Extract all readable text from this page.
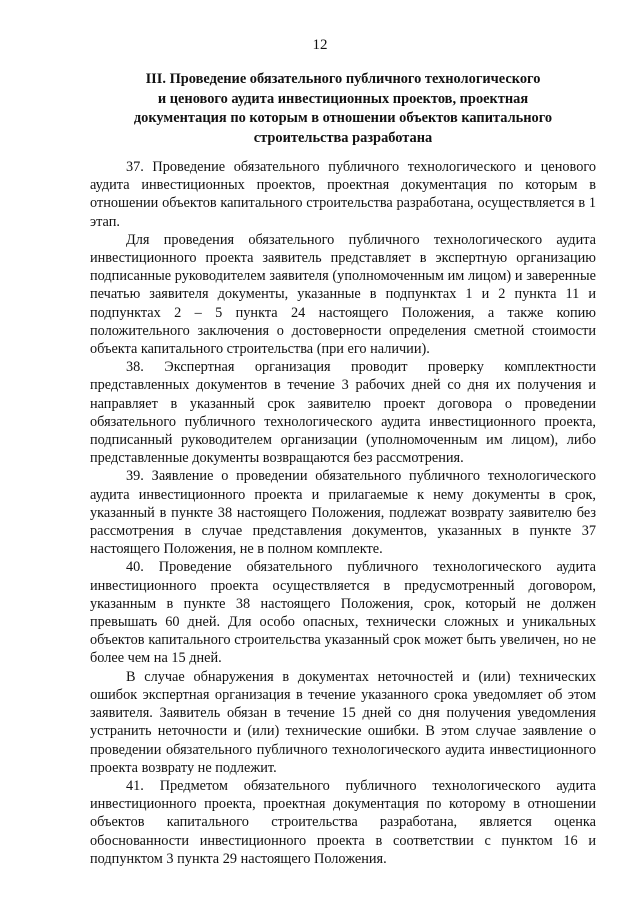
12
III. Проведение обязательного публичного технологического
и ценового аудита инвестиционных проектов, проектная
документация по которым в отношении объектов капитального
строительства разработана

37. Проведение обязательного публичного технологического и ценового аудита инвестиционных проектов, проектная документация по которым в отношении объектов капитального строительства разработана, осуществляется в 1 этап.

Для проведения обязательного публичного технологического аудита инвестиционного проекта заявитель представляет в экспертную организацию подписанные руководителем заявителя (уполномоченным им лицом) и заверенные печатью заявителя документы, указанные в подпунктах 1 и 2 пункта 11 и подпунктах 2 – 5 пункта 24 настоящего Положения, а также копию положительного заключения о достоверности определения сметной стоимости объекта капитального строительства (при его наличии).

38. Экспертная организация проводит проверку комплектности представленных документов в течение 3 рабочих дней со дня их получения и направляет в указанный срок заявителю проект договора о проведении обязательного публичного технологического аудита инвестиционного проекта, подписанный руководителем организации (уполномоченным им лицом), либо представленные документы возвращаются без рассмотрения.

39. Заявление о проведении обязательного публичного технологического аудита инвестиционного проекта и прилагаемые к нему документы в срок, указанный в пункте 38 настоящего Положения, подлежат возврату заявителю без рассмотрения в случае представления документов, указанных в пункте 37 настоящего Положения, не в полном комплекте.

40. Проведение обязательного публичного технологического аудита инвестиционного проекта осуществляется в предусмотренный договором, указанным в пункте 38 настоящего Положения, срок, который не должен превышать 60 дней. Для особо опасных, технически сложных и уникальных объектов капитального строительства указанный срок может быть увеличен, но не более чем на 15 дней.

В случае обнаружения в документах неточностей и (или) технических ошибок экспертная организация в течение указанного срока уведомляет об этом заявителя. Заявитель обязан в течение 15 дней со дня получения уведомления устранить неточности и (или) технические ошибки. В этом случае заявление о проведении обязательного публичного технологического аудита инвестиционного проекта возврату не подлежит.

41. Предметом обязательного публичного технологического аудита инвестиционного проекта, проектная документация по которому в отношении объектов капитального строительства разработана, является оценка обоснованности инвестиционного проекта в соответствии с пунктом 16 и подпунктом 3 пункта 29 настоящего Положения.
